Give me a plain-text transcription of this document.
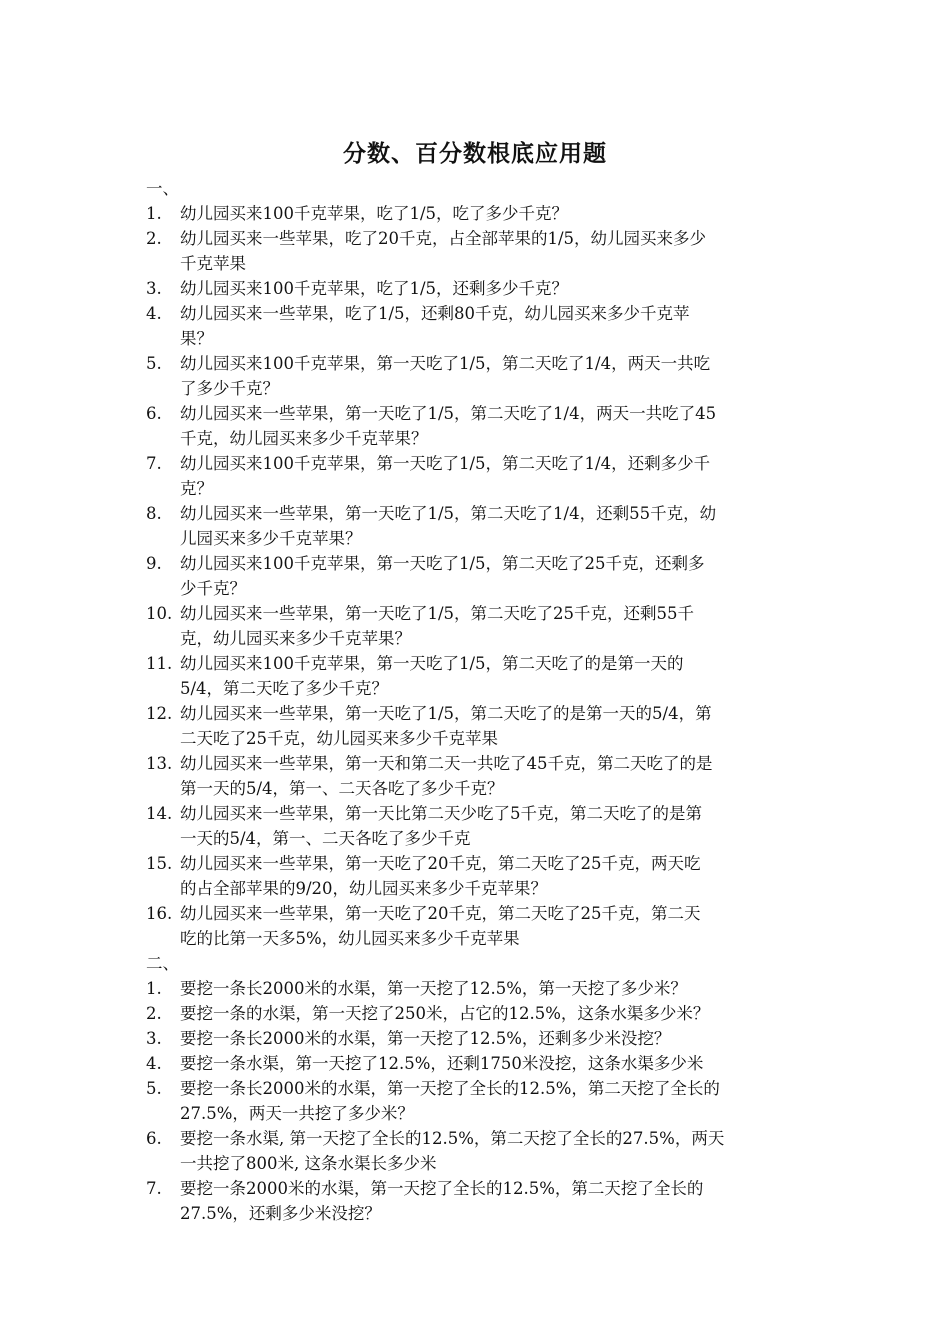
分数、百分数根底应用题
一、
1.	幼儿园买来100千克苹果，吃了1/5，吃了多少千克？
2.	幼儿园买来一些苹果，吃了20千克，占全部苹果的1/5，幼儿园买来多少
千克苹果
3.	幼儿园买来100千克苹果，吃了1/5，还剩多少千克？
4.	幼儿园买来一些苹果，吃了1/5，还剩80千克，幼儿园买来多少千克苹
果？
5.	幼儿园买来100千克苹果，第一天吃了1/5，第二天吃了1/4，两天一共吃
了多少千克？
6.	幼儿园买来一些苹果，第一天吃了1/5，第二天吃了1/4，两天一共吃了45
千克，幼儿园买来多少千克苹果？
7.	幼儿园买来100千克苹果，第一天吃了1/5，第二天吃了1/4，还剩多少千
克？
8.	幼儿园买来一些苹果，第一天吃了1/5，第二天吃了1/4，还剩55千克，幼
儿园买来多少千克苹果？
9.	幼儿园买来100千克苹果，第一天吃了1/5，第二天吃了25千克，还剩多
少千克？
10. 幼儿园买来一些苹果，第一天吃了1/5，第二天吃了25千克，还剩55千
克，幼儿园买来多少千克苹果？
11. 幼儿园买来100千克苹果，第一天吃了1/5，第二天吃了的是第一天的
5/4，第二天吃了多少千克？
12. 幼儿园买来一些苹果，第一天吃了1/5，第二天吃了的是第一天的5/4，第
二天吃了25千克，幼儿园买来多少千克苹果
13. 幼儿园买来一些苹果，第一天和第二天一共吃了45千克，第二天吃了的是
第一天的5/4，第一、二天各吃了多少千克？
14. 幼儿园买来一些苹果，第一天比第二天少吃了5千克，第二天吃了的是第
一天的5/4，第一、二天各吃了多少千克
15. 幼儿园买来一些苹果，第一天吃了20千克，第二天吃了25千克，两天吃
的占全部苹果的9/20，幼儿园买来多少千克苹果？
16. 幼儿园买来一些苹果，第一天吃了20千克，第二天吃了25千克，第二天
吃的比第一天多5%，幼儿园买来多少千克苹果
二、
1.	要挖一条长2000米的水渠，第一天挖了12.5%，第一天挖了多少米？
2.	要挖一条的水渠，第一天挖了250米，占它的12.5%，这条水渠多少米？
3.	要挖一条长2000米的水渠，第一天挖了12.5%，还剩多少米没挖？
4.	要挖一条水渠，第一天挖了12.5%，还剩1750米没挖，这条水渠多少米
5.	要挖一条长2000米的水渠，第一天挖了全长的12.5%，第二天挖了全长的
27.5%，两天一共挖了多少米？
6.	要挖一条水渠, 第一天挖了全长的12.5%，第二天挖了全长的27.5%，两天
一共挖了800米, 这条水渠长多少米
7.	要挖一条2000米的水渠，第一天挖了全长的12.5%，第二天挖了全长的
27.5%，还剩多少米没挖？
